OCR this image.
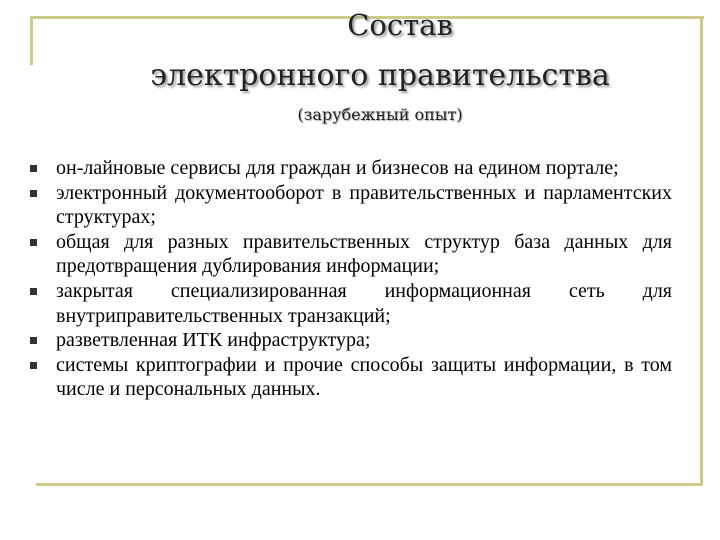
Состав
электронного правительства
(зарубежный опыт)
он-лайновые сервисы для граждан и бизнесов на едином портале;
электронный документооборот в правительственных и парламентских структурах;
общая для разных правительственных структур база данных для предотвращения дублирования информации;
закрытая специализированная информационная сеть для внутриправительственных транзакций;
разветвленная ИТК инфраструктура;
системы криптографии и прочие способы защиты информации, в том числе и персональных данных.
